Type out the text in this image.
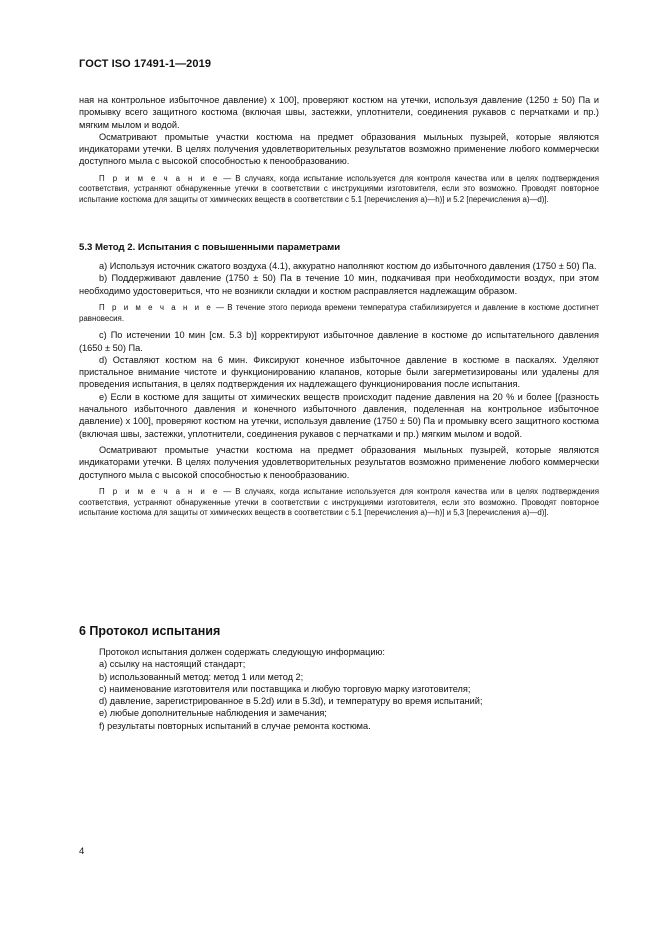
ГОСТ ISO 17491-1—2019

ная на контрольное избыточное давление) x 100], проверяют костюм на утечки, используя давление (1250 ± 50) Па и промывку всего защитного костюма (включая швы, застежки, уплотнители, соединения рукавов с перчатками и пр.) мягким мылом и водой.

Осматривают промытые участки костюма на предмет образования мыльных пузырей, которые являются индикаторами утечки. В целях получения удовлетворительных результатов возможно применение любого коммерчески доступного мыла с высокой способностью к пенообразованию.

П р и м е ч а н и е — В случаях, когда испытание используется для контроля качества или в целях подтверждения соответствия, устраняют обнаруженные утечки в соответствии с инструкциями изготовителя, если это возможно. Проводят повторное испытание костюма для защиты от химических веществ в соответствии с 5.1 [перечисления а)—h)] и 5.2 [перечисления а)—d)].

5.3 Метод 2. Испытания с повышенными параметрами

а) Используя источник сжатого воздуха (4.1), аккуратно наполняют костюм до избыточного давления (1750 ± 50) Па.

b) Поддерживают давление (1750 ± 50) Па в течение 10 мин, подкачивая при необходимости воздух, при этом необходимо удостовериться, что не возникли складки и костюм расправляется надлежащим образом.

П р и м е ч а н и е — В течение этого периода времени температура стабилизируется и давление в костюме достигнет равновесия.

с) По истечении 10 мин [см. 5.3 b)] корректируют избыточное давление в костюме до испытательного давления (1650 ± 50) Па.

d) Оставляют костюм на 6 мин. Фиксируют конечное избыточное давление в костюме в паскалях. Уделяют пристальное внимание чистоте и функционированию клапанов, которые были загерметизированы или удалены для проведения испытания, в целях подтверждения их надлежащего функционирования после испытания.

е) Если в костюме для защиты от химических веществ происходит падение давления на 20 % и более [(разность начального избыточного давления и конечного избыточного давления, поделенная на контрольное избыточное давление) x 100], проверяют костюм на утечки, используя давление (1750 ± 50) Па и промывку всего защитного костюма (включая швы, застежки, уплотнители, соединения рукавов с перчатками и пр.) мягким мылом и водой.

Осматривают промытые участки костюма на предмет образования мыльных пузырей, которые являются индикаторами утечки. В целях получения удовлетворительных результатов возможно применение любого коммерчески доступного мыла с высокой способностью к пенообразованию.

П р и м е ч а н и е — В случаях, когда испытание используется для контроля качества или в целях подтверждения соответствия, устраняют обнаруженные утечки в соответствии с инструкциями изготовителя, если это возможно. Проводят повторное испытание костюма для защиты от химических веществ в соответствии с 5.1 [перечисления а)—h)] и 5,3 [перечисления а)—d)].

6 Протокол испытания

Протокол испытания должен содержать следующую информацию:

а) ссылку на настоящий стандарт;

b) использованный метод: метод 1 или метод 2;

с) наименование изготовителя или поставщика и любую торговую марку изготовителя;

d) давление, зарегистрированное в 5.2d) или в 5.3d), и температуру во время испытаний;

е) любые дополнительные наблюдения и замечания;

f) результаты повторных испытаний в случае ремонта костюма.

4
